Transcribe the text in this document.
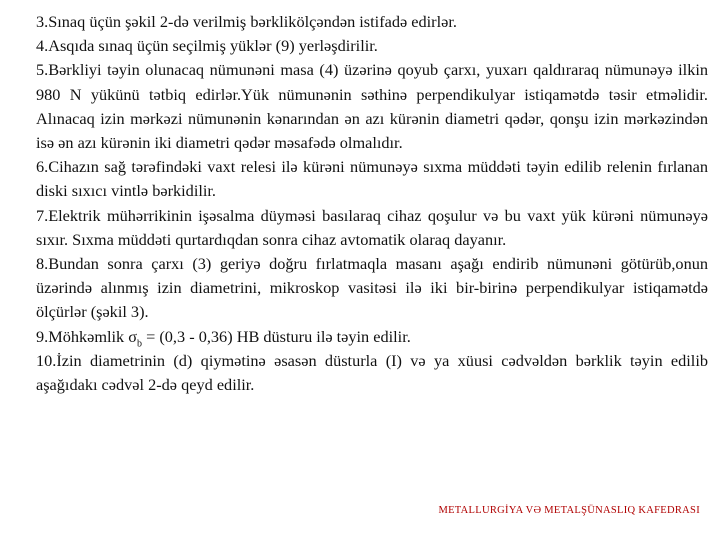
3.Sınaq üçün şəkil 2-də verilmiş bərklikölçəndən istifadə edirlər.

4.Asqıda sınaq üçün seçilmiş yüklər (9) yerləşdirilir.

5.Bərkliyi təyin olunacaq nümunəni masa (4) üzərinə qoyub çarxı, yuxarı qaldıraraq nümunəyə ilkin 980 N yükünü tətbiq edirlər.Yük nümunənin səthinə perpendikulyar istiqamətdə təsir etməlidir. Alınacaq izin mərkəzi nümunənin kənarından ən azı kürənin diametri qədər, qonşu izin mərkəzindən isə ən azı kürənin iki diametri qədər məsafədə olmalıdır.

6.Cihazın sağ tərəfindəki vaxt relesi ilə kürəni nümunəyə sıxma müddəti təyin edilib relenin fırlanan diski sıxıcı vintlə bərkidilir.

7.Elektrik mühərrikinin işəsalma düyməsi basılaraq cihaz qoşulur və bu vaxt yük kürəni nümunəyə sıxır. Sıxma müddəti qurtardıqdan sonra cihaz avtomatik olaraq dayanır.

8.Bundan sonra çarxı (3) geriyə doğru fırlatmaqla masanı aşağı endirib nümunəni götürüb,onun üzərində alınmış izin diametrini, mikroskop vasitəsi ilə iki bir-birinə perpendikulyar istiqamətdə ölçürlər (şəkil 3).

9.Möhkəmlik $\sigma_b = (0,3 - 0,36)$ HB düsturu ilə təyin edilir.

10.İzin diametrinin (d) qiymətinə əsasən düsturla (I) və ya xüusi cədvəldən bərklik təyin edilib aşağıdakı cədvəl 2-də qeyd edilir.

METALLURGİYA VƏ METALŞÜNASLIQ KAFEDRASI
